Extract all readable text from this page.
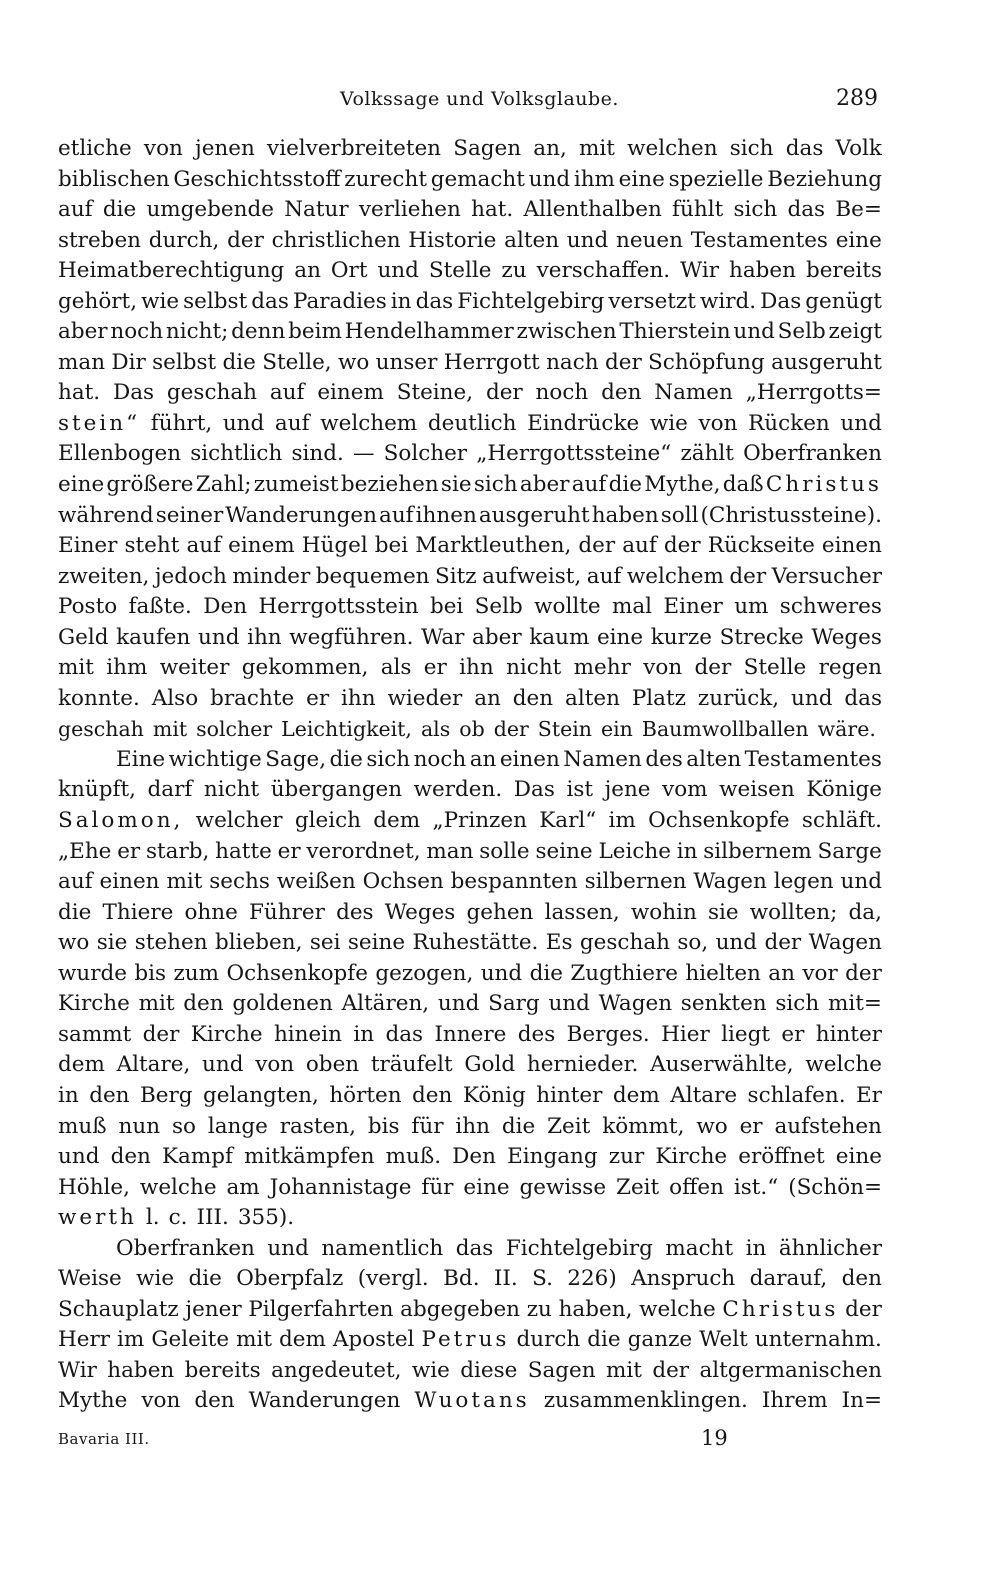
Volkssage und Volksglaube.	289
etliche von jenen vielverbreiteten Sagen an, mit welchen sich das Volk
biblischen Geschichtsstoff zurecht gemacht und ihm eine spezielle Beziehung
auf die umgebende Natur verliehen hat. Allenthalben fühlt sich das Be=
streben durch, der christlichen Historie alten und neuen Testamentes eine
Heimatberechtigung an Ort und Stelle zu verschaffen. Wir haben bereits
gehört, wie selbst das Paradies in das Fichtelgebirg versetzt wird. Das genügt
aber noch nicht; denn beim Hendelhammer zwischen Thierstein und Selb zeigt
man Dir selbst die Stelle, wo unser Herrgott nach der Schöpfung ausgeruht
hat. Das geschah auf einem Steine, der noch den Namen „Herrgotts=
stein“ führt, und auf welchem deutlich Eindrücke wie von Rücken und
Ellenbogen sichtlich sind. — Solcher „Herrgottssteine“ zählt Oberfranken
eine größere Zahl; zumeist beziehen sie sich aber auf die Mythe, daß Christus
während seiner Wanderungen auf ihnen ausgeruht haben soll (Christussteine).
Einer steht auf einem Hügel bei Marktleuthen, der auf der Rückseite einen
zweiten, jedoch minder bequemen Sitz aufweist, auf welchem der Versucher
Posto faßte. Den Herrgottsstein bei Selb wollte mal Einer um schweres
Geld kaufen und ihn wegführen. War aber kaum eine kurze Strecke Weges
mit ihm weiter gekommen, als er ihn nicht mehr von der Stelle regen
konnte. Also brachte er ihn wieder an den alten Platz zurück, und das
geschah mit solcher Leichtigkeit, als ob der Stein ein Baumwollballen wäre.
Eine wichtige Sage, die sich noch an einen Namen des alten Testamentes
knüpft, darf nicht übergangen werden. Das ist jene vom weisen Könige
Salomon, welcher gleich dem „Prinzen Karl“ im Ochsenkopfe schläft.
„Ehe er starb, hatte er verordnet, man solle seine Leiche in silbernem Sarge
auf einen mit sechs weißen Ochsen bespannten silbernen Wagen legen und
die Thiere ohne Führer des Weges gehen lassen, wohin sie wollten; da,
wo sie stehen blieben, sei seine Ruhestätte. Es geschah so, und der Wagen
wurde bis zum Ochsenkopfe gezogen, und die Zugthiere hielten an vor der
Kirche mit den goldenen Altären, und Sarg und Wagen senkten sich mit=
sammt der Kirche hinein in das Innere des Berges. Hier liegt er hinter
dem Altare, und von oben träufelt Gold hernieder. Auserwählte, welche
in den Berg gelangten, hörten den König hinter dem Altare schlafen. Er
muß nun so lange rasten, bis für ihn die Zeit kömmt, wo er aufstehen
und den Kampf mitkämpfen muß. Den Eingang zur Kirche eröffnet eine
Höhle, welche am Johannistage für eine gewisse Zeit offen ist.“ (Schön=
werth l. c. III. 355).
Oberfranken und namentlich das Fichtelgebirg macht in ähnlicher
Weise wie die Oberpfalz (vergl. Bd. II. S. 226) Anspruch darauf, den
Schauplatz jener Pilgerfahrten abgegeben zu haben, welche Christus der
Herr im Geleite mit dem Apostel Petrus durch die ganze Welt unternahm.
Wir haben bereits angedeutet, wie diese Sagen mit der altgermanischen
Mythe von den Wanderungen Wuotans zusammenklingen. Ihrem In=
Bavaria III.	19
